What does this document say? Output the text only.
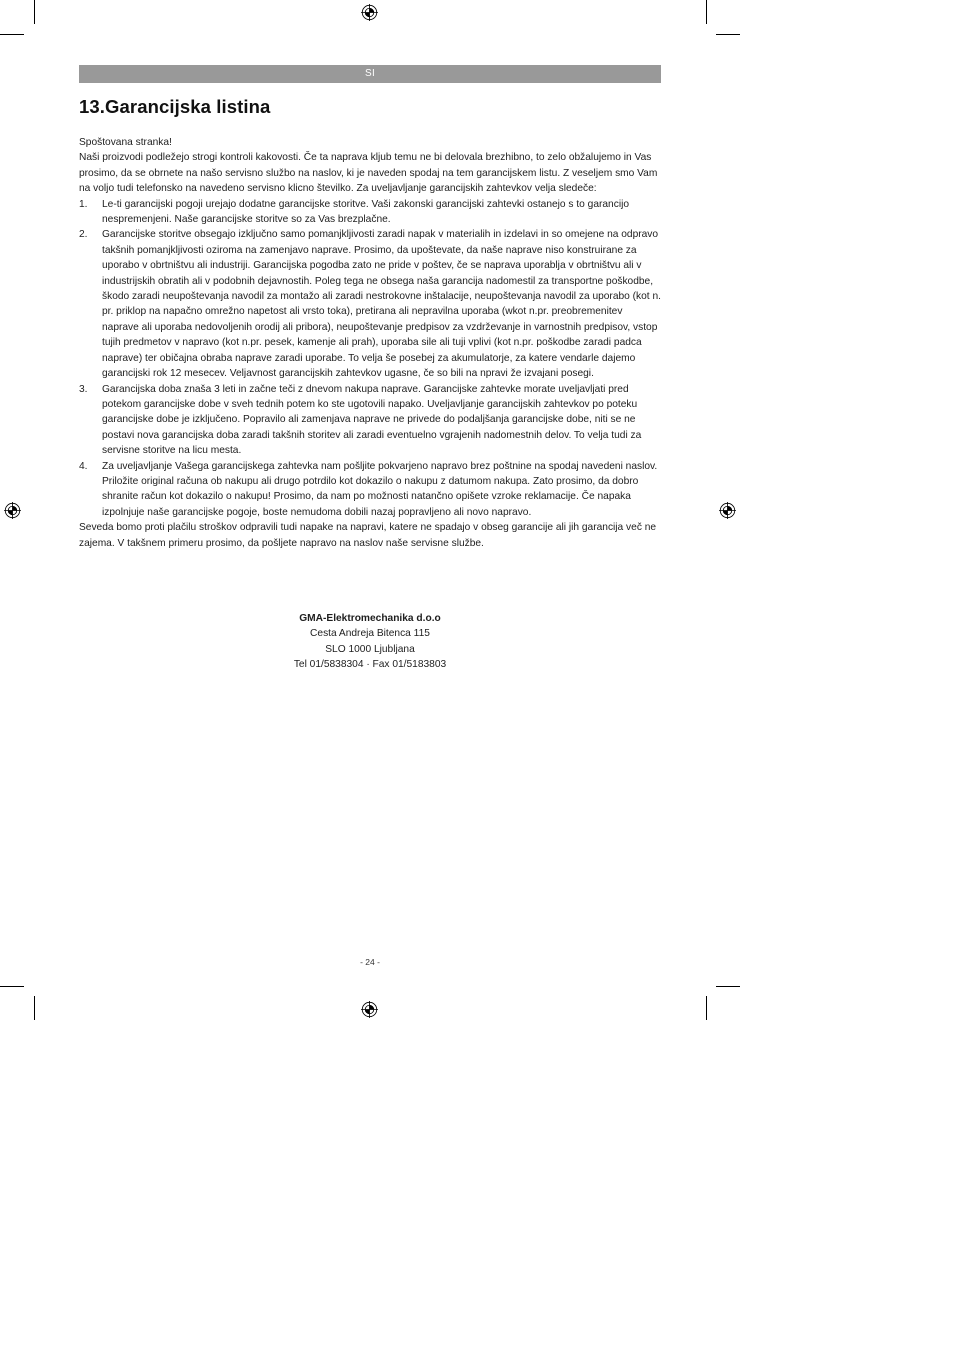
SI
13.Garancijska listina

Spoštovana stranka!

Naši proizvodi podležejo strogi kontroli kakovosti. Če ta naprava kljub temu ne bi delovala brezhibno, to zelo obžalujemo in Vas prosimo, da se obrnete na našo servisno službo na naslov, ki je naveden spodaj na tem garancijskem listu. Z veseljem smo Vam na voljo tudi telefonsko na navedeno servisno klicno številko. Za uveljavljanje garancijskih zahtevkov velja sledeče:

1. Le-ti garancijski pogoji urejajo dodatne garancijske storitve. Vaši zakonski garancijski zahtevki ostanejo s to garancijo nespremenjeni. Naše garancijske storitve so za Vas brezplačne.
2. Garancijske storitve obsegajo izključno samo pomanjkljivosti zaradi napak v materialih in izdelavi in so omejene na odpravo takšnih pomanjkljivosti oziroma na zamenjavo naprave. Prosimo, da upoštevate, da naše naprave niso konstruirane za uporabo v obrtništvu ali industriji. Garancijska pogodba zato ne pride v poštev, če se naprava uporablja v obrtništvu ali v industrijskih obratih ali v podobnih dejavnostih. Poleg tega ne obsega naša garancija nadomestil za transportne poškodbe, škodo zaradi neupoštevanja navodil za montažo ali zaradi nestrokovne inštalacije, neupoštevanja navodil za uporabo (kot n. pr. priklop na napačno omrežno napetost ali vrsto toka), pretirana ali nepravilna uporaba (wkot n.pr. preobremenitev naprave ali uporaba nedovoljenih orodij ali pribora), neupoštevanje predpisov za vzdrževanje in varnostnih predpisov, vstop tujih predmetov v napravo (kot n.pr. pesek, kamenje ali prah), uporaba sile ali tuji vplivi (kot n.pr. poškodbe zaradi padca naprave) ter običajna obraba naprave zaradi uporabe. To velja še posebej za akumulatorje, za katere vendarle dajemo garancijski rok 12 mesecev. Veljavnost garancijskih zahtevkov ugasne, če so bili na npravi že izvajani posegi.
3. Garancijska doba znaša 3 leti in začne teči z dnevom nakupa naprave. Garancijske zahtevke morate uveljavljati pred potekom garancijske dobe v sveh tednih potem ko ste ugotovili napako. Uveljavljanje garancijskih zahtevkov po poteku garancijske dobe je izključeno. Popravilo ali zamenjava naprave ne privede do podaljšanja garancijske dobe, niti se ne postavi nova garancijska doba zaradi takšnih storitev ali zaradi eventuelno vgrajenih nadomestnih delov. To velja tudi za servisne storitve na licu mesta.
4. Za uveljavljanje Vašega garancijskega zahtevka nam pošljite pokvarjeno napravo brez poštnine na spodaj navedeni naslov. Priložite original računa ob nakupu ali drugo potrdilo kot dokazilo o nakupu z datumom nakupa. Zato prosimo, da dobro shranite račun kot dokazilo o nakupu! Prosimo, da nam po možnosti natančno opišete vzroke reklamacije. Če napaka izpolnjuje naše garancijske pogoje, boste nemudoma dobili nazaj popravljeno ali novo napravo.

Seveda bomo proti plačilu stroškov odpravili tudi napake na napravi, katere ne spadajo v obseg garancije ali jih garancija več ne zajema. V takšnem primeru prosimo, da pošljete napravo na naslov naše servisne službe.

GMA-Elektromechanika d.o.o
Cesta Andreja Bitenca 115
SLO 1000 Ljubljana
Tel 01/5838304 · Fax 01/5183803
- 24 -
